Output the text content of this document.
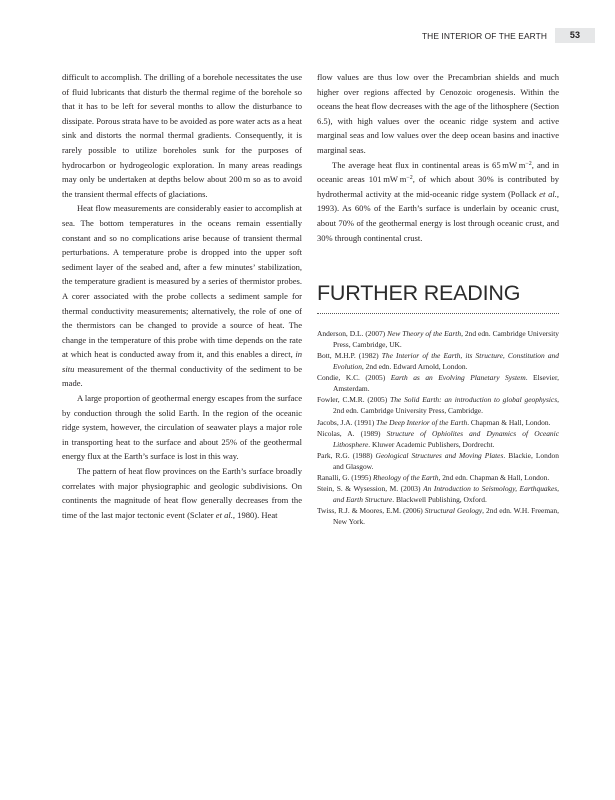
THE INTERIOR OF THE EARTH	53

difficult to accomplish. The drilling of a borehole necessitates the use of fluid lubricants that disturb the thermal regime of the borehole so that it has to be left for several months to allow the disturbance to dissipate. Porous strata have to be avoided as pore water acts as a heat sink and distorts the normal thermal gradients. Consequently, it is rarely possible to utilize boreholes sunk for the purposes of hydrocarbon or hydrogeologic exploration. In many areas readings may only be undertaken at depths below about 200 m so as to avoid the transient thermal effects of glaciations.

Heat flow measurements are considerably easier to accomplish at sea. The bottom temperatures in the oceans remain essentially constant and so no complications arise because of transient thermal perturbations. A temperature probe is dropped into the upper soft sediment layer of the seabed and, after a few minutes’ stabilization, the temperature gradient is measured by a series of thermistor probes. A corer associated with the probe collects a sediment sample for thermal conductivity measurements; alternatively, the role of one of the thermistors can be changed to provide a source of heat. The change in the temperature of this probe with time depends on the rate at which heat is conducted away from it, and this enables a direct, in situ measurement of the thermal conductivity of the sediment to be made.

A large proportion of geothermal energy escapes from the surface by conduction through the solid Earth. In the region of the oceanic ridge system, however, the circulation of seawater plays a major role in transporting heat to the surface and about 25% of the geothermal energy flux at the Earth’s surface is lost in this way.

The pattern of heat flow provinces on the Earth’s surface broadly correlates with major physiographic and geologic subdivisions. On continents the magnitude of heat flow generally decreases from the time of the last major tectonic event (Sclater et al., 1980). Heat

flow values are thus low over the Precambrian shields and much higher over regions affected by Cenozoic orogenesis. Within the oceans the heat flow decreases with the age of the lithosphere (Section 6.5), with high values over the oceanic ridge system and active marginal seas and low values over the deep ocean basins and inactive marginal seas.

The average heat flux in continental areas is 65 mW $m^{-2}$, and in oceanic areas 101 mW $m^{-2}$, of which about 30% is contributed by hydrothermal activity at the mid-oceanic ridge system (Pollack et al., 1993). As 60% of the Earth’s surface is underlain by oceanic crust, about 70% of the geothermal energy is lost through oceanic crust, and 30% through continental crust.

FURTHER READING

Anderson, D.L. (2007) New Theory of the Earth, 2nd edn. Cambridge University Press, Cambridge, UK.

Bott, M.H.P. (1982) The Interior of the Earth, its Structure, Constitution and Evolution, 2nd edn. Edward Arnold, London.

Condie, K.C. (2005) Earth as an Evolving Planetary System. Elsevier, Amsterdam.

Fowler, C.M.R. (2005) The Solid Earth: an introduction to global geophysics, 2nd edn. Cambridge University Press, Cambridge.

Jacobs, J.A. (1991) The Deep Interior of the Earth. Chapman & Hall, London.

Nicolas, A. (1989) Structure of Ophiolites and Dynamics of Oceanic Lithosphere. Kluwer Academic Publishers, Dordrecht.

Park, R.G. (1988) Geological Structures and Moving Plates. Blackie, London and Glasgow.

Ranalli, G. (1995) Rheology of the Earth, 2nd edn. Chapman & Hall, London.

Stein, S. & Wysession, M. (2003) An Introduction to Seismology, Earthquakes, and Earth Structure. Blackwell Publishing, Oxford.

Twiss, R.J. & Moores, E.M. (2006) Structural Geology, 2nd edn. W.H. Freeman, New York.
